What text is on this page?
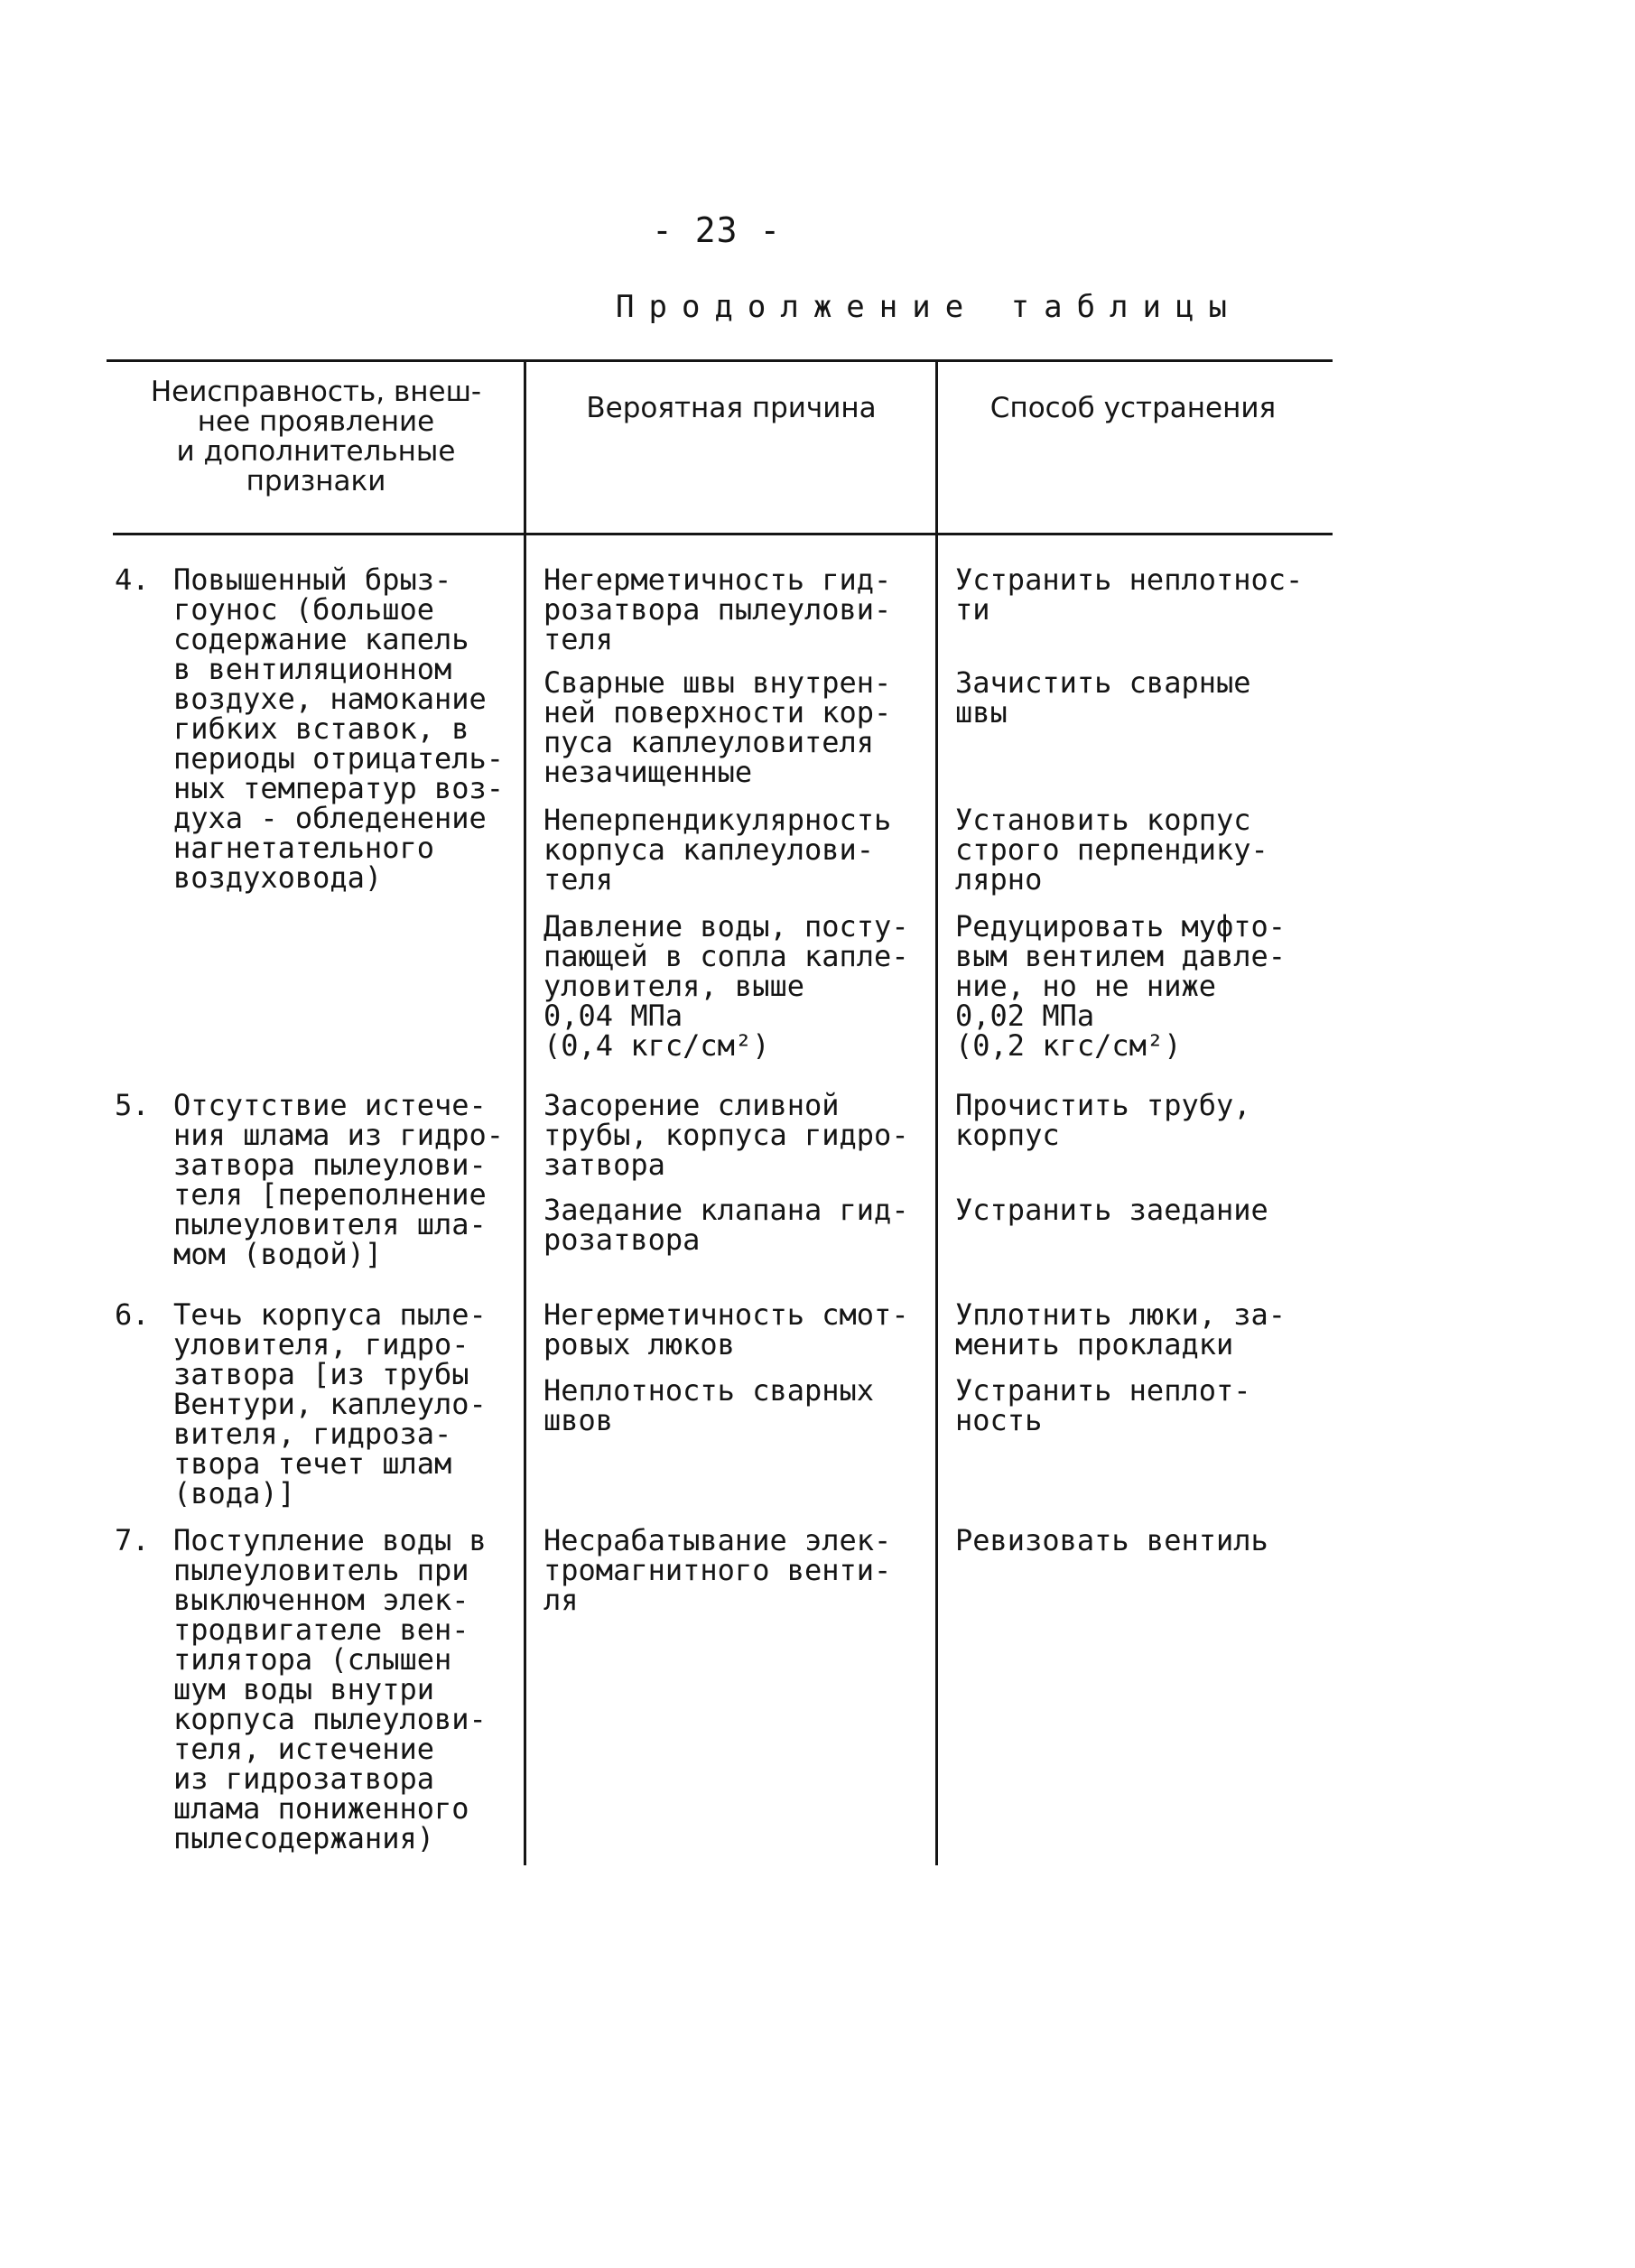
- 23 -
Продолжение таблицы
Неисправность, внеш-
нее проявление
и дополнительные
признаки
Вероятная причина	Способ устранения
4. Повышенный брыз-
гоунос (большое
содержание капель
в вентиляционном
воздухе, намокание
гибких вставок, в
периоды отрицатель-
ных температур воз-
духа - обледенение
нагнетательного
воздуховода)
Негерметичность гид-
розатвора пылеулови-
теля
Сварные швы внутрен-
ней поверхности кор-
пуса каплеуловителя
незачищенные
Неперпендикулярность
корпуса каплеулови-
теля
Давление воды, посту-
пающей в сопла капле-
уловителя, выше
0,04 МПа
(0,4 кгс/см²)
Устранить неплотнос-
ти
Зачистить сварные
швы
Установить корпус
строго перпендику-
лярно
Редуцировать муфто-
вым вентилем давле-
ние, но не ниже
0,02 МПа
(0,2 кгс/см²)
5. Отсутствие истече-
ния шлама из гидро-
затвора пылеулови-
теля [переполнение
пылеуловителя шла-
мом (водой)]
Засорение сливной
трубы, корпуса гидро-
затвора
Заедание клапана гид-
розатвора
Прочистить трубу,
корпус
Устранить заедание
6. Течь корпуса пыле-
уловителя, гидро-
затвора [из трубы
Вентури, каплеуло-
вителя, гидроза-
твора течет шлам
(вода)]
Негерметичность смот-
ровых люков
Неплотность сварных
швов
Уплотнить люки, за-
менить прокладки
Устранить неплот-
ность
7. Поступление воды в
пылеуловитель при
выключенном элек-
тродвигателе вен-
тилятора (слышен
шум воды внутри
корпуса пылеулови-
теля, истечение
из гидрозатвора
шлама пониженного
пылесодержания)
Несрабатывание элек-
тромагнитного венти-
ля
Ревизовать вентиль
